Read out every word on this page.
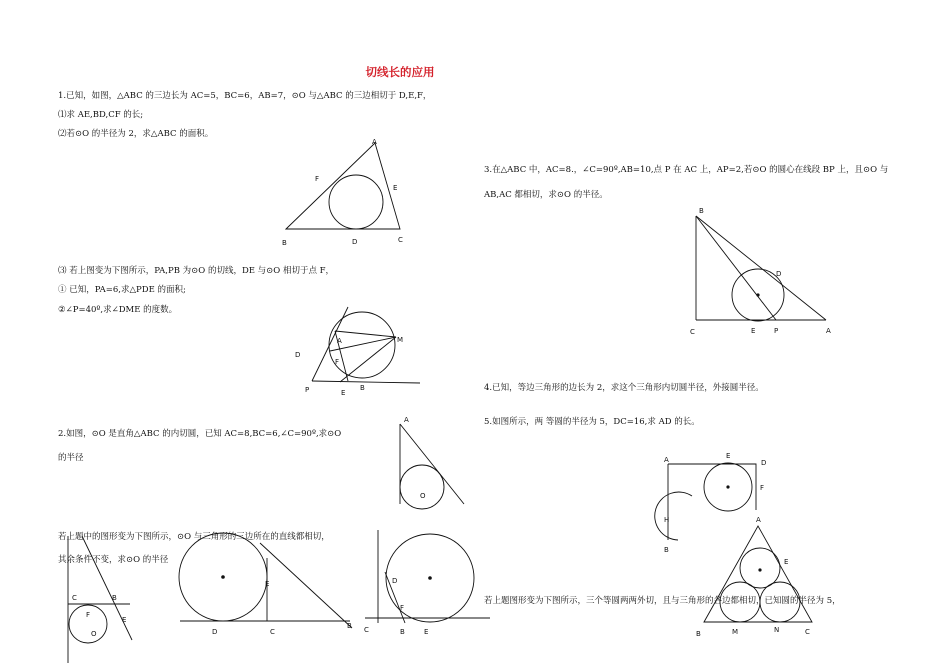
切线长的应用
1.已知，如图，△ABC 的三边长为 AC=5，BC=6，AB=7，⊙O 与△ABC 的三边相切于 D,E,F，
⑴求 AE,BD,CF 的长;
⑵若⊙O 的半径为 2，求△ABC 的面积。
A
F
E
B	D	C
⑶ 若上图变为下图所示，PA,PB 为⊙O 的切线，DE 与⊙O 相切于点 F，
① 已知，PA=6,求△PDE 的面积;
②∠P=40º,求∠DME 的度数。
D
A
F
M
P	E
B
2.如图，⊙O 是直角△ABC 的内切圆，已知 AC=8,BC=6,∠C=90º,求⊙O
的半径
A
O
若上题中的图形变为下图所示，⊙O 与三角形的三边所在的直线都相切，
其余条件不变，求⊙O 的半径
C	B
F
E
O
E
D	C
B
D
F
C	B	E
3.在△ABC 中，AC=8.，∠C=90º,AB=10,点 P 在 AC 上，AP=2,若⊙O 的圆心在线段 BP 上，且⊙O 与
AB,AC 都相切，求⊙O 的半径。
B
D
C	E	P	A
4.已知，等边三角形的边长为 2，求这个三角形内切圆半径，外接圆半径。
5.如图所示，两 等圆的半径为 5，DC=16,求 AD 的长。
A	E
D
F
H
B
若上题图形变为下图所示，三个等圆两两外切，且与三角形的各边都相切，已知圆的半径为 5，
A
E
B	M	N	C
